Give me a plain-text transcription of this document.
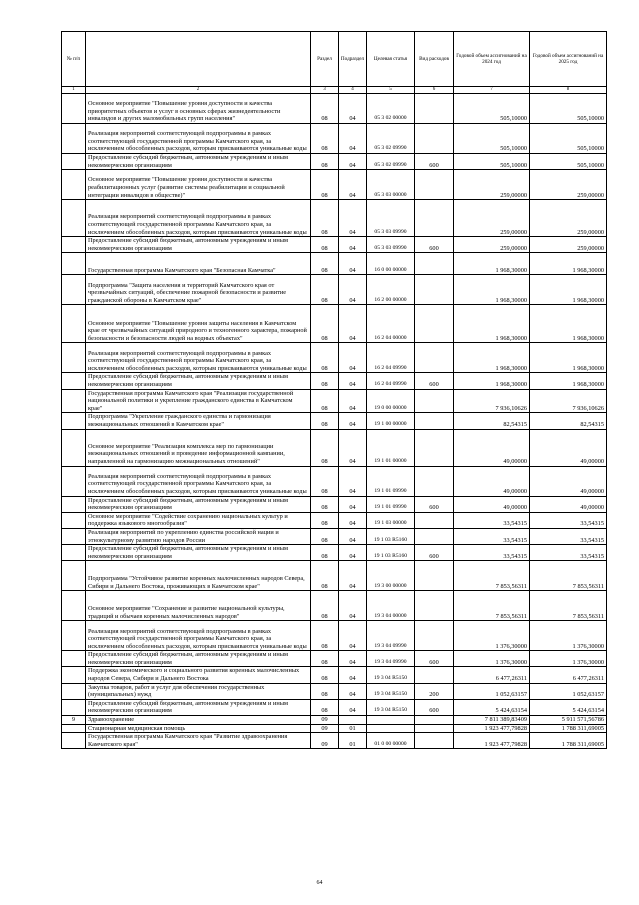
№ п/п		Раздел	Подраздел	Целевая статья	Вид расходов	Годовой объем ассигнований на 2024 год	Годовой объем ассигнований на 2025 год
1	2	3	4	5	6	7	8
	Основное мероприятие "Повышение уровня доступности и качества приоритетных объектов и услуг в основных сферах жизнедеятельности инвалидов и других маломобильных групп населения"	08	04	05 3 02 00000		505,10000	505,10000
	Реализация мероприятий соответствующей подпрограммы в рамках соответствующей государственной программы Камчатского края, за исключением обособленных расходов, которым присваиваются уникальные коды	08	04	05 3 02 09990		505,10000	505,10000
	Предоставление субсидий бюджетным, автономным учреждениям и иным некоммерческим организациям	08	04	05 3 02 09990	600	505,10000	505,10000
	Основное мероприятие "Повышение уровня доступности и качества реабилитационных услуг (развитие системы реабилитации и социальной интеграции инвалидов в обществе)"	08	04	05 3 03 00000		259,00000	259,00000
	Реализация мероприятий соответствующей подпрограммы в рамках соответствующей государственной программы Камчатского края, за исключением обособленных расходов, которым присваиваются уникальные коды	08	04	05 3 03 09990		259,00000	259,00000
	Предоставление субсидий бюджетным, автономным учреждениям и иным некоммерческим организациям	08	04	05 3 03 09990	600	259,00000	259,00000
	Государственная программа Камчатского края "Безопасная Камчатка"	08	04	16 0 00 00000		1 968,30000	1 968,30000
	Подпрограмма "Защита населения и территорий Камчатского края от чрезвычайных ситуаций, обеспечение пожарной безопасности и развитие гражданской обороны в Камчатском крае"	08	04	16 2 00 00000		1 968,30000	1 968,30000
	Основное мероприятие "Повышение уровня защиты населения в Камчатском крае от чрезвычайных ситуаций природного и техногенного характера, пожарной безопасности и безопасности людей на водных объектах"	08	04	16 2 04 00000		1 968,30000	1 968,30000
	Реализация мероприятий соответствующей подпрограммы в рамках соответствующей государственной программы Камчатского края, за исключением обособленных расходов, которым присваиваются уникальные коды	08	04	16 2 04 09990		1 968,30000	1 968,30000
	Предоставление субсидий бюджетным, автономным учреждениям и иным некоммерческим организациям	08	04	16 2 04 09990	600	1 968,30000	1 968,30000
	Государственная программа Камчатского края "Реализация государственной национальной политики и укрепление гражданского единства в Камчатском крае"	08	04	19 0 00 00000		7 936,10626	7 936,10626
	Подпрограмма "Укрепление гражданского единства и гармонизация межнациональных отношений в Камчатском крае"	08	04	19 1 00 00000		82,54315	82,54315
	Основное мероприятие "Реализация комплекса мер по гармонизации межнациональных отношений и проведение информационной кампании, направленной на гармонизацию межнациональных отношений"	08	04	19 1 01 00000		49,00000	49,00000
	Реализация мероприятий соответствующей подпрограммы в рамках соответствующей государственной программы Камчатского края, за исключением обособленных расходов, которым присваиваются уникальные коды	08	04	19 1 01 09990		49,00000	49,00000
	Предоставление субсидий бюджетным, автономным учреждениям и иным некоммерческим организациям	08	04	19 1 01 09990	600	49,00000	49,00000
	Основное мероприятие "Содействие сохранению национальных культур и поддержка языкового многообразия"	08	04	19 1 03 00000		33,54315	33,54315
	Реализация мероприятий по укреплению единства российской нации и этнокультурному развитию народов России	08	04	19 1 03 R5160		33,54315	33,54315
	Предоставление субсидий бюджетным, автономным учреждениям и иным некоммерческим организациям	08	04	19 1 03 R5160	600	33,54315	33,54315
	Подпрограмма "Устойчивое развитие коренных малочисленных народов Севера, Сибири и Дальнего Востока, проживающих в Камчатском крае"	08	04	19 3 00 00000		7 853,56311	7 853,56311
	Основное мероприятие "Сохранение и развитие национальной культуры, традиций и обычаев коренных малочисленных народов"	08	04	19 3 04 00000		7 853,56311	7 853,56311
	Реализация мероприятий соответствующей подпрограммы в рамках соответствующей государственной программы Камчатского края, за исключением обособленных расходов, которым присваиваются уникальные коды	08	04	19 3 04 09990		1 376,30000	1 376,30000
	Предоставление субсидий бюджетным, автономным учреждениям и иным некоммерческим организациям	08	04	19 3 04 09990	600	1 376,30000	1 376,30000
	Поддержка экономического и социального развития коренных малочисленных народов Севера, Сибири и Дальнего Востока	08	04	19 3 04 R5150		6 477,26311	6 477,26311
	Закупка товаров, работ и услуг для обеспечения государственных (муниципальных) нужд	08	04	19 3 04 R5150	200	1 052,63157	1 052,63157
	Предоставление субсидий бюджетным, автономным учреждениям и иным некоммерческим организациям	08	04	19 3 04 R5150	600	5 424,63154	5 424,63154
9	Здравоохранение	09				7 811 389,83409	5 911 571,56786
	Стационарная медицинская помощь	09	01			1 923 477,79828	1 788 311,69005
	Государственная программа Камчатского края "Развитие здравоохранения Камчатского края"	09	01	01 0 00 00000		1 923 477,79828	1 788 311,69005
64
